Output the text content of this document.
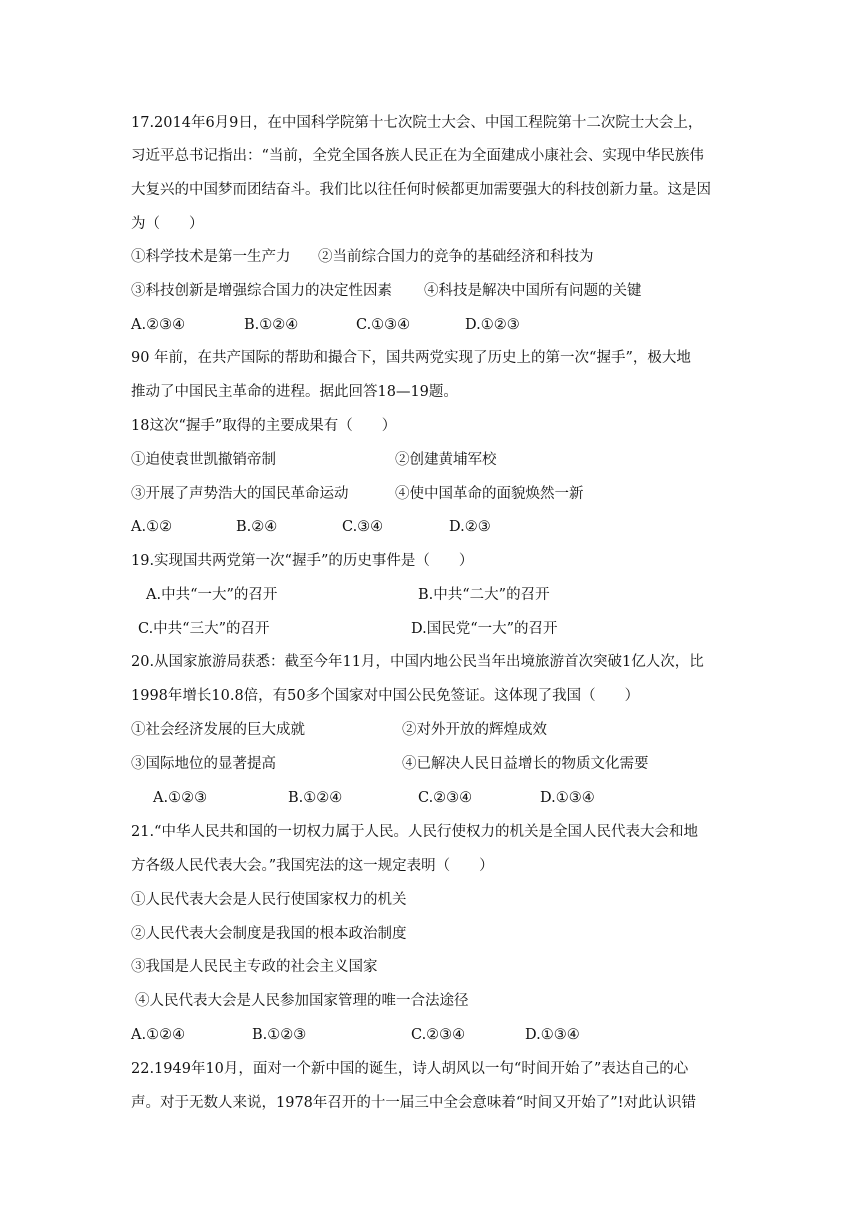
17.2014年6月9日，在中国科学院第十七次院士大会、中国工程院第十二次院士大会上，
习近平总书记指出：“当前，全党全国各族人民正在为全面建成小康社会、实现中华民族伟
大复兴的中国梦而团结奋斗。我们比以往任何时候都更加需要强大的科技创新力量。这是因
为（　　）
①科学技术是第一生产力 ②当前综合国力的竞争的基础经济和科技为
③科技创新是增强综合国力的决定性因素 ④科技是解决中国所有问题的关键
A.②③④	B.①②④	C.①③④	D.①②③
90 年前，在共产国际的帮助和撮合下，国共两党实现了历史上的第一次“握手”，极大地
推动了中国民主革命的进程。据此回答18—19题。
18这次“握手”取得的主要成果有（　　）
①迫使袁世凯撤销帝制	②创建黄埔军校
③开展了声势浩大的国民革命运动	④使中国革命的面貌焕然一新
A.①②	B.②④	C.③④	D.②③
19.实现国共两党第一次“握手”的历史事件是（　　）
A.中共“一大”的召开	B.中共“二大”的召开
C.中共“三大”的召开	D.国民党“一大”的召开
20.从国家旅游局获悉：截至今年11月，中国内地公民当年出境旅游首次突破1亿人次，比
1998年增长10.8倍，有50多个国家对中国公民免签证。这体现了我国（　　）
①社会经济发展的巨大成就	②对外开放的辉煌成效
③国际地位的显著提高	④已解决人民日益增长的物质文化需要
A.①②③	B.①②④	C.②③④	D.①③④
21.“中华人民共和国的一切权力属于人民。人民行使权力的机关是全国人民代表大会和地
方各级人民代表大会。”我国宪法的这一规定表明（　　）
①人民代表大会是人民行使国家权力的机关
②人民代表大会制度是我国的根本政治制度
③我国是人民民主专政的社会主义国家
④人民代表大会是人民参加国家管理的唯一合法途径
A.①②④	B.①②③	C.②③④	D.①③④
22.1949年10月，面对一个新中国的诞生，诗人胡风以一句“时间开始了”表达自己的心
声。对于无数人来说，1978年召开的十一届三中全会意味着“时间又开始了”!对此认识错
